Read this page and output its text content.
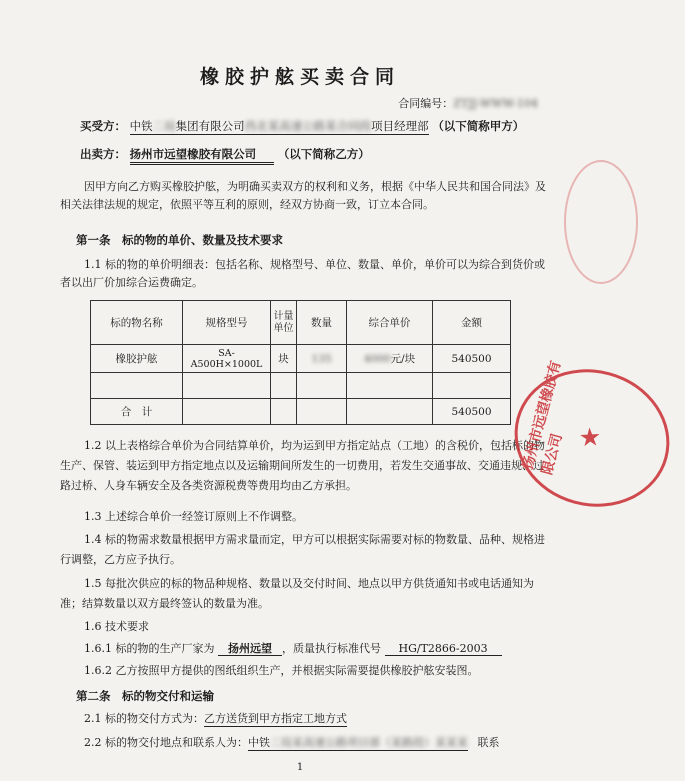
橡胶护舷买卖合同
合同编号：ZTJJ-WWW-104
买受方： 中铁二局集团有限公司西北某高速公路某合同段项目经理部 （以下简称甲方）
出卖方： 扬州市远望橡胶有限公司 （以下简称乙方）
因甲方向乙方购买橡胶护舷，为明确买卖双方的权利和义务，根据《中华人民共和国合同法》及相关法律法规的规定，依照平等互利的原则，经双方协商一致，订立本合同。
第一条　标的物的单价、数量及技术要求
1.1 标的物的单价明细表：包括名称、规格型号、单位、数量、单价，单价可以为综合到货价或者以出厂价加综合运费确定。
标的物名称	规格型号	计量单位	数量	综合单价	金额
橡胶护舷	SA-A500H×1000L	块	135	4000元/块	540500

合　计					540500
1.2 以上表格综合单价为合同结算单价，均为运到甲方指定站点（工地）的含税价，包括标的物生产、保管、装运到甲方指定地点以及运输期间所发生的一切费用，若发生交通事故、交通违规、过路过桥、人身车辆安全及各类资源税费等费用均由乙方承担。
1.3 上述综合单价一经签订原则上不作调整。
1.4 标的物需求数量根据甲方需求量而定，甲方可以根据实际需要对标的物数量、品种、规格进行调整，乙方应予执行。
1.5 每批次供应的标的物品种规格、数量以及交付时间、地点以甲方供货通知书或电话通知为准；结算数量以双方最终签认的数量为准。
1.6 技术要求
1.6.1 标的物的生产厂家为 扬州远望 ，质量执行标准代号 HG/T2866-2003
1.6.2 乙方按照甲方提供的图纸组织生产，并根据实际需要提供橡胶护舷安装图。
第二条　标的物交付和运输
2.1 标的物交付方式为：乙方送货到甲方指定工地方式
2.2 标的物交付地点和联系人为：中铁二局某高速公路项目部（某路段）某某某 联系
扬州市远望橡胶有限公司 ★
1
